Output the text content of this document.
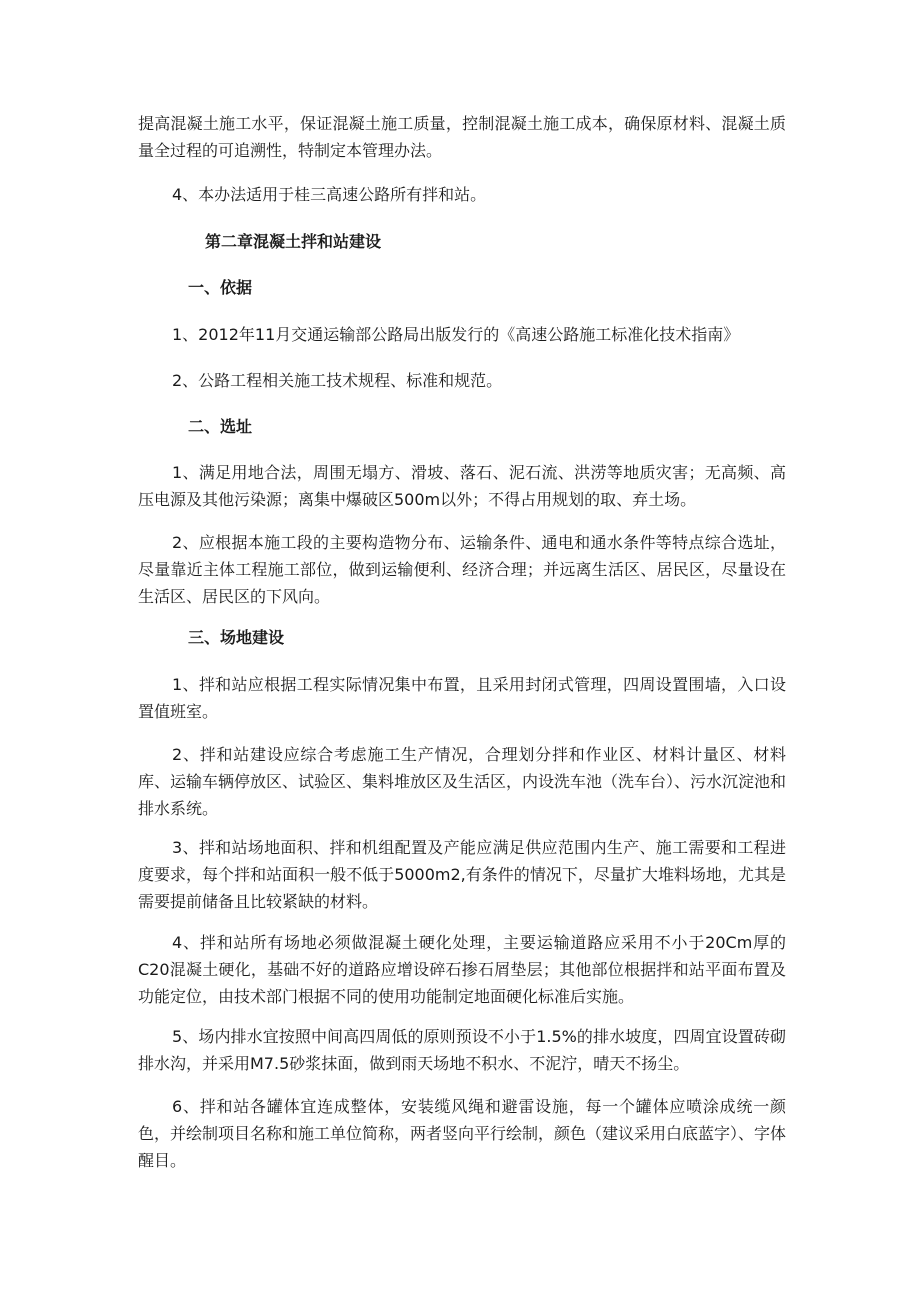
提高混凝土施工水平，保证混凝土施工质量，控制混凝土施工成本，确保原材料、混凝土质量全过程的可追溯性，特制定本管理办法。

4、本办法适用于桂三高速公路所有拌和站。

第二章混凝土拌和站建设

一、依据

1、2012年11月交通运输部公路局出版发行的《高速公路施工标准化技术指南》

2、公路工程相关施工技术规程、标准和规范。

二、选址

1、满足用地合法，周围无塌方、滑坡、落石、泥石流、洪涝等地质灾害；无高频、高压电源及其他污染源；离集中爆破区500m以外；不得占用规划的取、弃土场。

2、应根据本施工段的主要构造物分布、运输条件、通电和通水条件等特点综合选址，尽量靠近主体工程施工部位，做到运输便利、经济合理；并远离生活区、居民区，尽量设在生活区、居民区的下风向。

三、场地建设

1、拌和站应根据工程实际情况集中布置，且采用封闭式管理，四周设置围墙，入口设置值班室。

2、拌和站建设应综合考虑施工生产情况，合理划分拌和作业区、材料计量区、材料库、运输车辆停放区、试验区、集料堆放区及生活区，内设洗车池（洗车台）、污水沉淀池和排水系统。

3、拌和站场地面积、拌和机组配置及产能应满足供应范围内生产、施工需要和工程进度要求，每个拌和站面积一般不低于5000m2,有条件的情况下，尽量扩大堆料场地，尤其是需要提前储备且比较紧缺的材料。

4、拌和站所有场地必须做混凝土硬化处理，主要运输道路应采用不小于20Cm厚的C20混凝土硬化，基础不好的道路应增设碎石掺石屑垫层；其他部位根据拌和站平面布置及功能定位，由技术部门根据不同的使用功能制定地面硬化标准后实施。

5、场内排水宜按照中间高四周低的原则预设不小于1.5%的排水坡度，四周宜设置砖砌排水沟，并采用M7.5砂浆抹面，做到雨天场地不积水、不泥泞，晴天不扬尘。

6、拌和站各罐体宜连成整体，安装缆风绳和避雷设施，每一个罐体应喷涂成统一颜色，并绘制项目名称和施工单位简称，两者竖向平行绘制，颜色（建议采用白底蓝字）、字体醒目。
